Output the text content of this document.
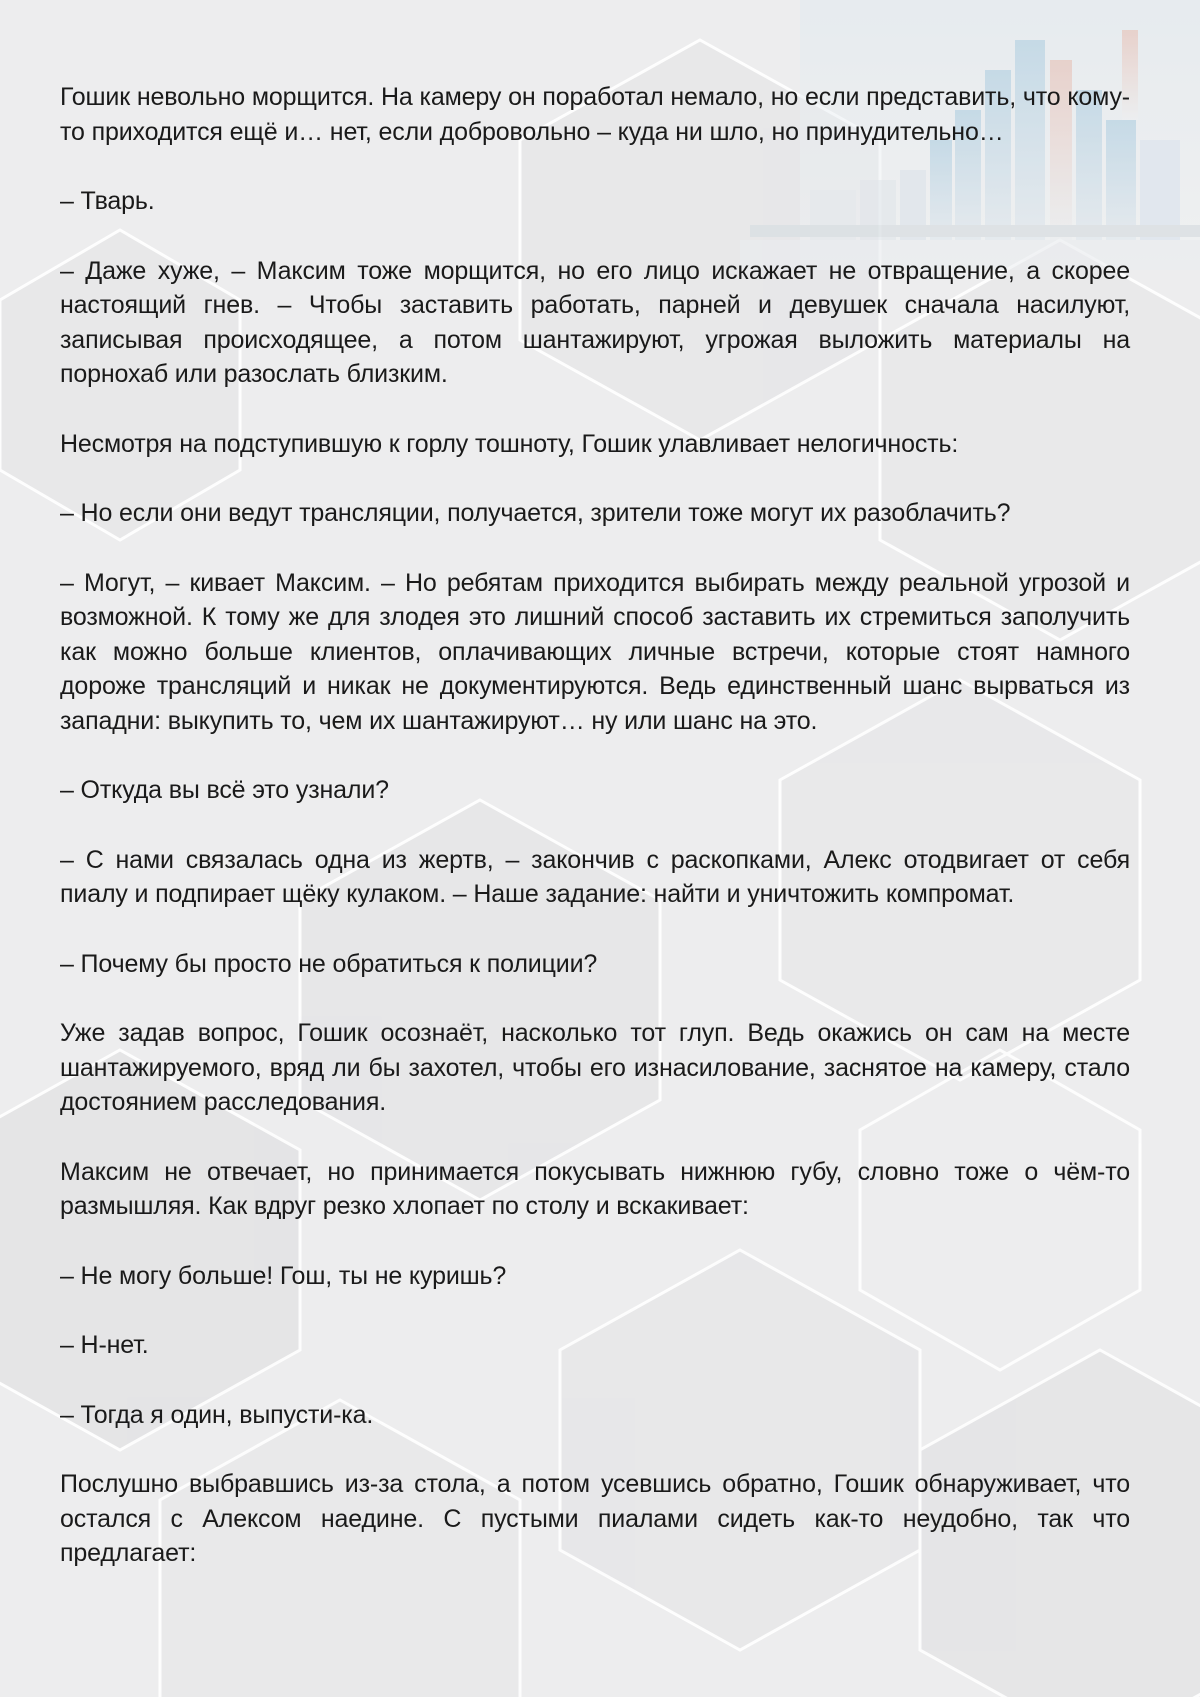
Гошик невольно морщится. На камеру он поработал немало, но если представить, что кому-то приходится ещё и… нет, если добровольно – куда ни шло, но принудительно…

– Тварь.

– Даже хуже, – Максим тоже морщится, но его лицо искажает не отвращение, а скорее настоящий гнев. – Чтобы заставить работать, парней и девушек сначала насилуют, записывая происходящее, а потом шантажируют, угрожая выложить материалы на порнохаб или разослать близким.

Несмотря на подступившую к горлу тошноту, Гошик улавливает нелогичность:

– Но если они ведут трансляции, получается, зрители тоже могут их разоблачить?

– Могут, – кивает Максим. – Но ребятам приходится выбирать между реальной угрозой и возможной. К тому же для злодея это лишний способ заставить их стремиться заполучить как можно больше клиентов, оплачивающих личные встречи, которые стоят намного дороже трансляций и никак не документируются. Ведь единственный шанс вырваться из западни: выкупить то, чем их шантажируют… ну или шанс на это.

– Откуда вы всё это узнали?

– С нами связалась одна из жертв, – закончив с раскопками, Алекс отодвигает от себя пиалу и подпирает щёку кулаком. – Наше задание: найти и уничтожить компромат.

– Почему бы просто не обратиться к полиции?

Уже задав вопрос, Гошик осознаёт, насколько тот глуп. Ведь окажись он сам на месте шантажируемого, вряд ли бы захотел, чтобы его изнасилование, заснятое на камеру, стало достоянием расследования.

Максим не отвечает, но принимается покусывать нижнюю губу, словно тоже о чём-то размышляя. Как вдруг резко хлопает по столу и вскакивает:

– Не могу больше! Гош, ты не куришь?

– Н-нет.

– Тогда я один, выпусти-ка.

Послушно выбравшись из-за стола, а потом усевшись обратно, Гошик обнаруживает, что остался с Алексом наедине. С пустыми пиалами сидеть как-то неудобно, так что предлагает:
